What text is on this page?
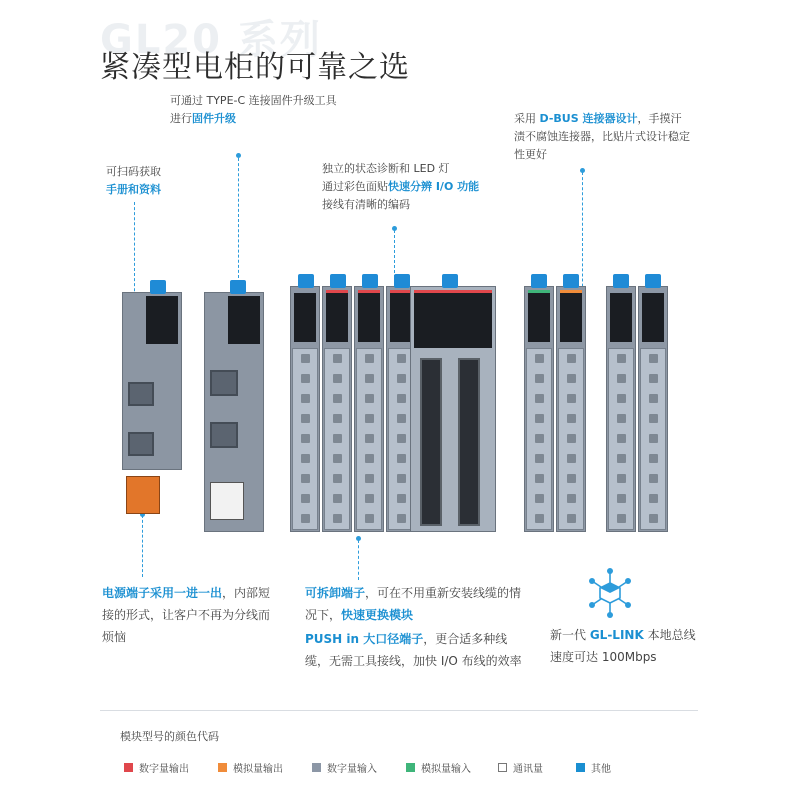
GL20 系列
紧凑型电柜的可靠之选
可通过 TYPE-C 连接固件升级工具进行固件升级
可扫码获取
手册和资料
独立的状态诊断和 LED 灯
通过彩色面贴快速分辨 I/O 功能
接线有清晰的编码
采用 D-BUS 连接器设计，手摸汗渍不腐蚀连接器，比贴片式设计稳定性更好
电源端子采用一进一出，内部短接的形式，让客户不再为分线而烦恼
可拆卸端子，可在不用重新安装线缆的情况下，快速更换模块
PUSH in 大口径端子，更合适多种线缆，无需工具接线，加快 I/O 布线的效率
新一代 GL-LINK 本地总线
速度可达 100Mbps
模块型号的颜色代码
数字量输出	模拟量输出	数字量输入	模拟量输入	通讯量	其他
